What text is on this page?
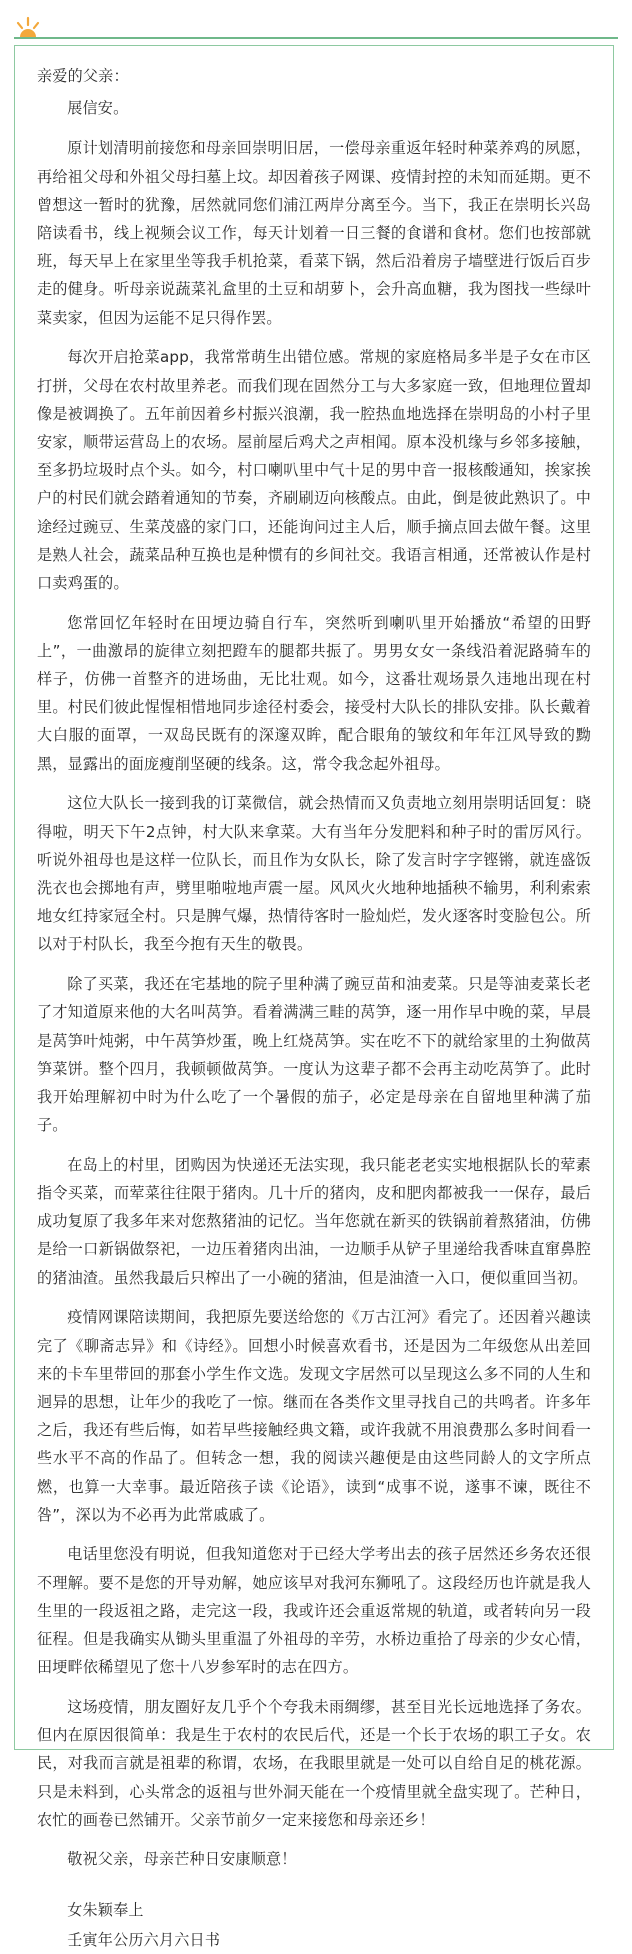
亲爱的父亲：

展信安。

原计划清明前接您和母亲回崇明旧居，一偿母亲重返年轻时种菜养鸡的夙愿，再给祖父母和外祖父母扫墓上坟。却因着孩子网课、疫情封控的未知而延期。更不曾想这一暂时的犹豫，居然就同您们浦江两岸分离至今。当下，我正在崇明长兴岛陪读看书，线上视频会议工作，每天计划着一日三餐的食谱和食材。您们也按部就班，每天早上在家里坐等我手机抢菜，看菜下锅，然后沿着房子墙壁进行饭后百步走的健身。听母亲说蔬菜礼盒里的土豆和胡萝卜，会升高血糖，我为图找一些绿叶菜卖家，但因为运能不足只得作罢。

每次开启抢菜app，我常常萌生出错位感。常规的家庭格局多半是子女在市区打拼，父母在农村故里养老。而我们现在固然分工与大多家庭一致，但地理位置却像是被调换了。五年前因着乡村振兴浪潮，我一腔热血地选择在崇明岛的小村子里安家，顺带运营岛上的农场。屋前屋后鸡犬之声相闻。原本没机缘与乡邻多接触，至多扔垃圾时点个头。如今，村口喇叭里中气十足的男中音一报核酸通知，挨家挨户的村民们就会踏着通知的节奏，齐刷刷迈向核酸点。由此，倒是彼此熟识了。中途经过豌豆、生菜茂盛的家门口，还能询问过主人后，顺手摘点回去做午餐。这里是熟人社会，蔬菜品种互换也是种惯有的乡间社交。我语言相通，还常被认作是村口卖鸡蛋的。

您常回忆年轻时在田埂边骑自行车，突然听到喇叭里开始播放“希望的田野上”，一曲激昂的旋律立刻把蹬车的腿都共振了。男男女女一条线沿着泥路骑车的样子，仿佛一首整齐的进场曲，无比壮观。如今，这番壮观场景久违地出现在村里。村民们彼此惺惺相惜地同步途径村委会，接受村大队长的排队安排。队长戴着大白服的面罩，一双岛民既有的深邃双眸，配合眼角的皱纹和年年江风导致的黝黑，显露出的面庞瘦削坚硬的线条。这，常令我念起外祖母。

这位大队长一接到我的订菜微信，就会热情而又负责地立刻用崇明话回复：晓得啦，明天下午2点钟，村大队来拿菜。大有当年分发肥料和种子时的雷厉风行。听说外祖母也是这样一位队长，而且作为女队长，除了发言时字字铿锵，就连盛饭洗衣也会掷地有声，劈里啪啦地声震一屋。风风火火地种地插秧不输男，利利索索地女红持家冠全村。只是脾气爆，热情待客时一脸灿烂，发火逐客时变脸包公。所以对于村队长，我至今抱有天生的敬畏。

除了买菜，我还在宅基地的院子里种满了豌豆苗和油麦菜。只是等油麦菜长老了才知道原来他的大名叫莴笋。看着满满三畦的莴笋，逐一用作早中晚的菜，早晨是莴笋叶炖粥，中午莴笋炒蛋，晚上红烧莴笋。实在吃不下的就给家里的土狗做莴笋菜饼。整个四月，我顿顿做莴笋。一度认为这辈子都不会再主动吃莴笋了。此时我开始理解初中时为什么吃了一个暑假的茄子，必定是母亲在自留地里种满了茄子。

在岛上的村里，团购因为快递还无法实现，我只能老老实实地根据队长的荤素指令买菜，而荤菜往往限于猪肉。几十斤的猪肉，皮和肥肉都被我一一保存，最后成功复原了我多年来对您熬猪油的记忆。当年您就在新买的铁锅前着熬猪油，仿佛是给一口新锅做祭祀，一边压着猪肉出油，一边顺手从铲子里递给我香味直窜鼻腔的猪油渣。虽然我最后只榨出了一小碗的猪油，但是油渣一入口，便似重回当初。

疫情网课陪读期间，我把原先要送给您的《万古江河》看完了。还因着兴趣读完了《聊斋志异》和《诗经》。回想小时候喜欢看书，还是因为二年级您从出差回来的卡车里带回的那套小学生作文选。发现文字居然可以呈现这么多不同的人生和迥异的思想，让年少的我吃了一惊。继而在各类作文里寻找自己的共鸣者。许多年之后，我还有些后悔，如若早些接触经典文籍，或许我就不用浪费那么多时间看一些水平不高的作品了。但转念一想，我的阅读兴趣便是由这些同龄人的文字所点燃，也算一大幸事。最近陪孩子读《论语》，读到“成事不说，遂事不谏，既往不咎”，深以为不必再为此常戚戚了。

电话里您没有明说，但我知道您对于已经大学考出去的孩子居然还乡务农还很不理解。要不是您的开导劝解，她应该早对我河东狮吼了。这段经历也许就是我人生里的一段返祖之路，走完这一段，我或许还会重返常规的轨道，或者转向另一段征程。但是我确实从锄头里重温了外祖母的辛劳，水桥边重拾了母亲的少女心情，田埂畔依稀望见了您十八岁参军时的志在四方。

这场疫情，朋友圈好友几乎个个夸我未雨绸缪，甚至目光长远地选择了务农。但内在原因很简单：我是生于农村的农民后代，还是一个长于农场的职工子女。农民，对我而言就是祖辈的称谓，农场，在我眼里就是一处可以自给自足的桃花源。只是未料到，心头常念的返祖与世外洞天能在一个疫情里就全盘实现了。芒种日，农忙的画卷已然铺开。父亲节前夕一定来接您和母亲还乡！

敬祝父亲，母亲芒种日安康顺意！

女朱颖奉上

壬寅年公历六月六日书
